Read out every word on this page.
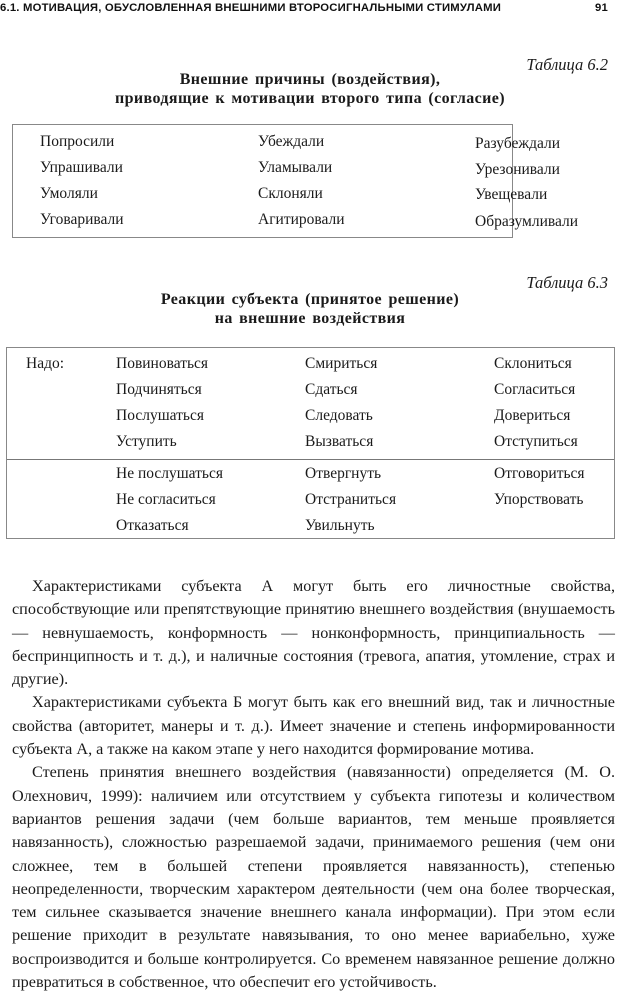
6.1. МОТИВАЦИЯ, ОБУСЛОВЛЕННАЯ ВНЕШНИМИ ВТОРОСИГНАЛЬНЫМИ СТИМУЛАМИ	91
Таблица 6.2
Внешние причины (воздействия),
приводящие к мотивации второго типа (согласие)
Попросили
Упрашивали
Умоляли
Уговаривали
Убеждали
Уламывали
Склоняли
Агитировали
Разубеждали
Урезонивали
Увещевали
Образумливали
Таблица 6.3
Реакции субъекта (принятое решение)
на внешние воздействия
Надо:	Повиноваться
Подчиняться
Послушаться
Уступить
Смириться
Сдаться
Следовать
Вызваться
Склониться
Согласиться
Довериться
Отступиться
Не послушаться
Не согласиться
Отказаться
Отвергнуть
Отстраниться
Увильнуть
Отговориться
Упорствовать

Характеристиками субъекта А могут быть его личностные свойства, способствующие или препятствующие принятию внешнего воздействия (внушаемость — невнушаемость, конформность — нонконформность, принципиальность — беспринципность и т. д.), и наличные состояния (тревога, апатия, утомление, страх и другие).

Характеристиками субъекта Б могут быть как его внешний вид, так и личностные свойства (авторитет, манеры и т. д.). Имеет значение и степень информированности субъекта А, а также на каком этапе у него находится формирование мотива.

Степень принятия внешнего воздействия (навязанности) определяется (М. О. Олехнович, 1999): наличием или отсутствием у субъекта гипотезы и количеством вариантов решения задачи (чем больше вариантов, тем меньше проявляется навязанность), сложностью разрешаемой задачи, принимаемого решения (чем они сложнее, тем в большей степени проявляется навязанность), степенью неопределенности, творческим характером деятельности (чем она более творческая, тем сильнее сказывается значение внешнего канала информации). При этом если решение приходит в результате навязывания, то оно менее вариабельно, хуже воспроизводится и больше контролируется. Со временем навязанное решение должно превратиться в собственное, что обеспечит его устойчивость.
